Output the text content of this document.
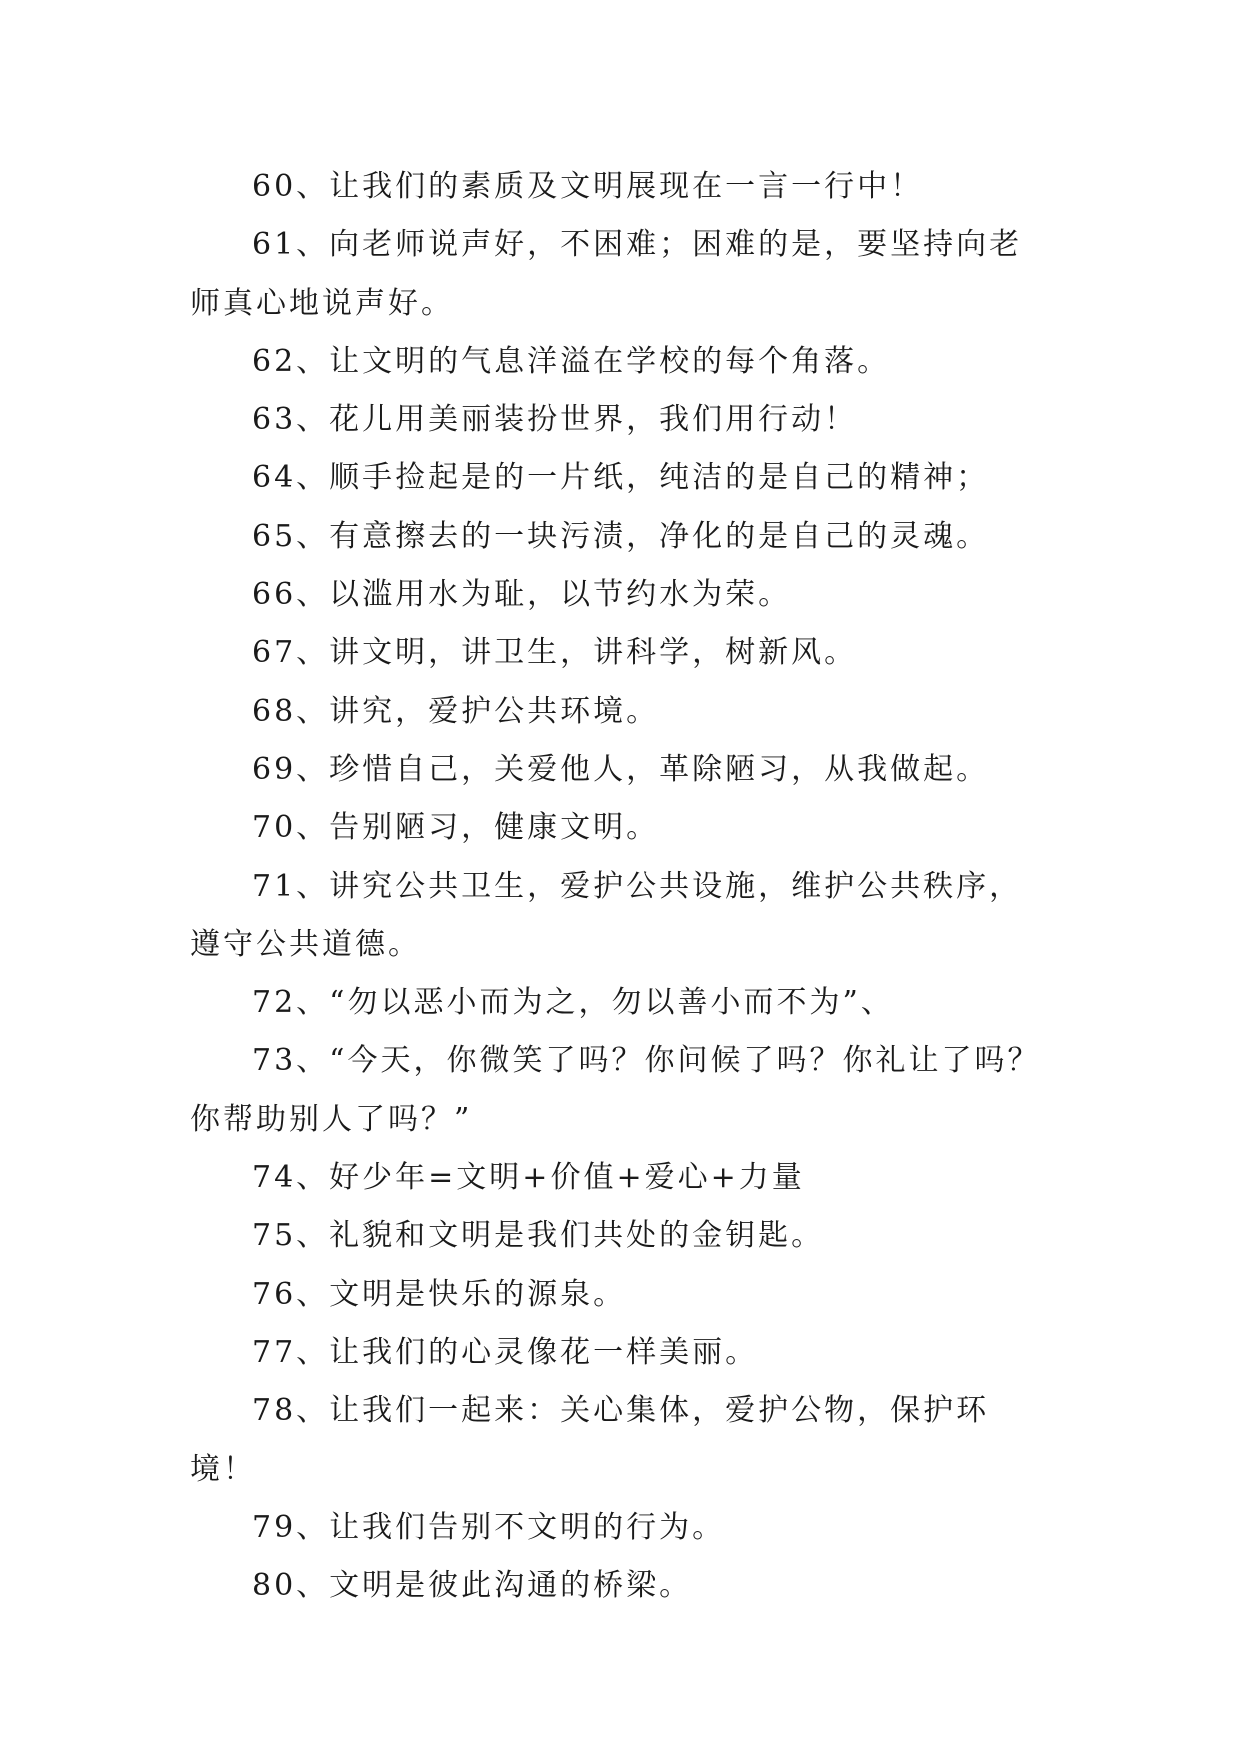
60、让我们的素质及文明展现在一言一行中！

61、向老师说声好，不困难；困难的是，要坚持向老师真心地说声好。

62、让文明的气息洋溢在学校的每个角落。

63、花儿用美丽装扮世界，我们用行动！

64、顺手捡起是的一片纸，纯洁的是自己的精神；

65、有意擦去的一块污渍，净化的是自己的灵魂。

66、以滥用水为耻，以节约水为荣。

67、讲文明，讲卫生，讲科学，树新风。

68、讲究，爱护公共环境。

69、珍惜自己，关爱他人，革除陋习，从我做起。

70、告别陋习，健康文明。

71、讲究公共卫生，爱护公共设施，维护公共秩序，遵守公共道德。

72、“勿以恶小而为之，勿以善小而不为”、

73、“今天，你微笑了吗？你问候了吗？你礼让了吗？你帮助别人了吗？”

74、好少年=文明+价值+爱心+力量

75、礼貌和文明是我们共处的金钥匙。

76、文明是快乐的源泉。

77、让我们的心灵像花一样美丽。

78、让我们一起来：关心集体，爱护公物，保护环境！

79、让我们告别不文明的行为。

80、文明是彼此沟通的桥梁。
